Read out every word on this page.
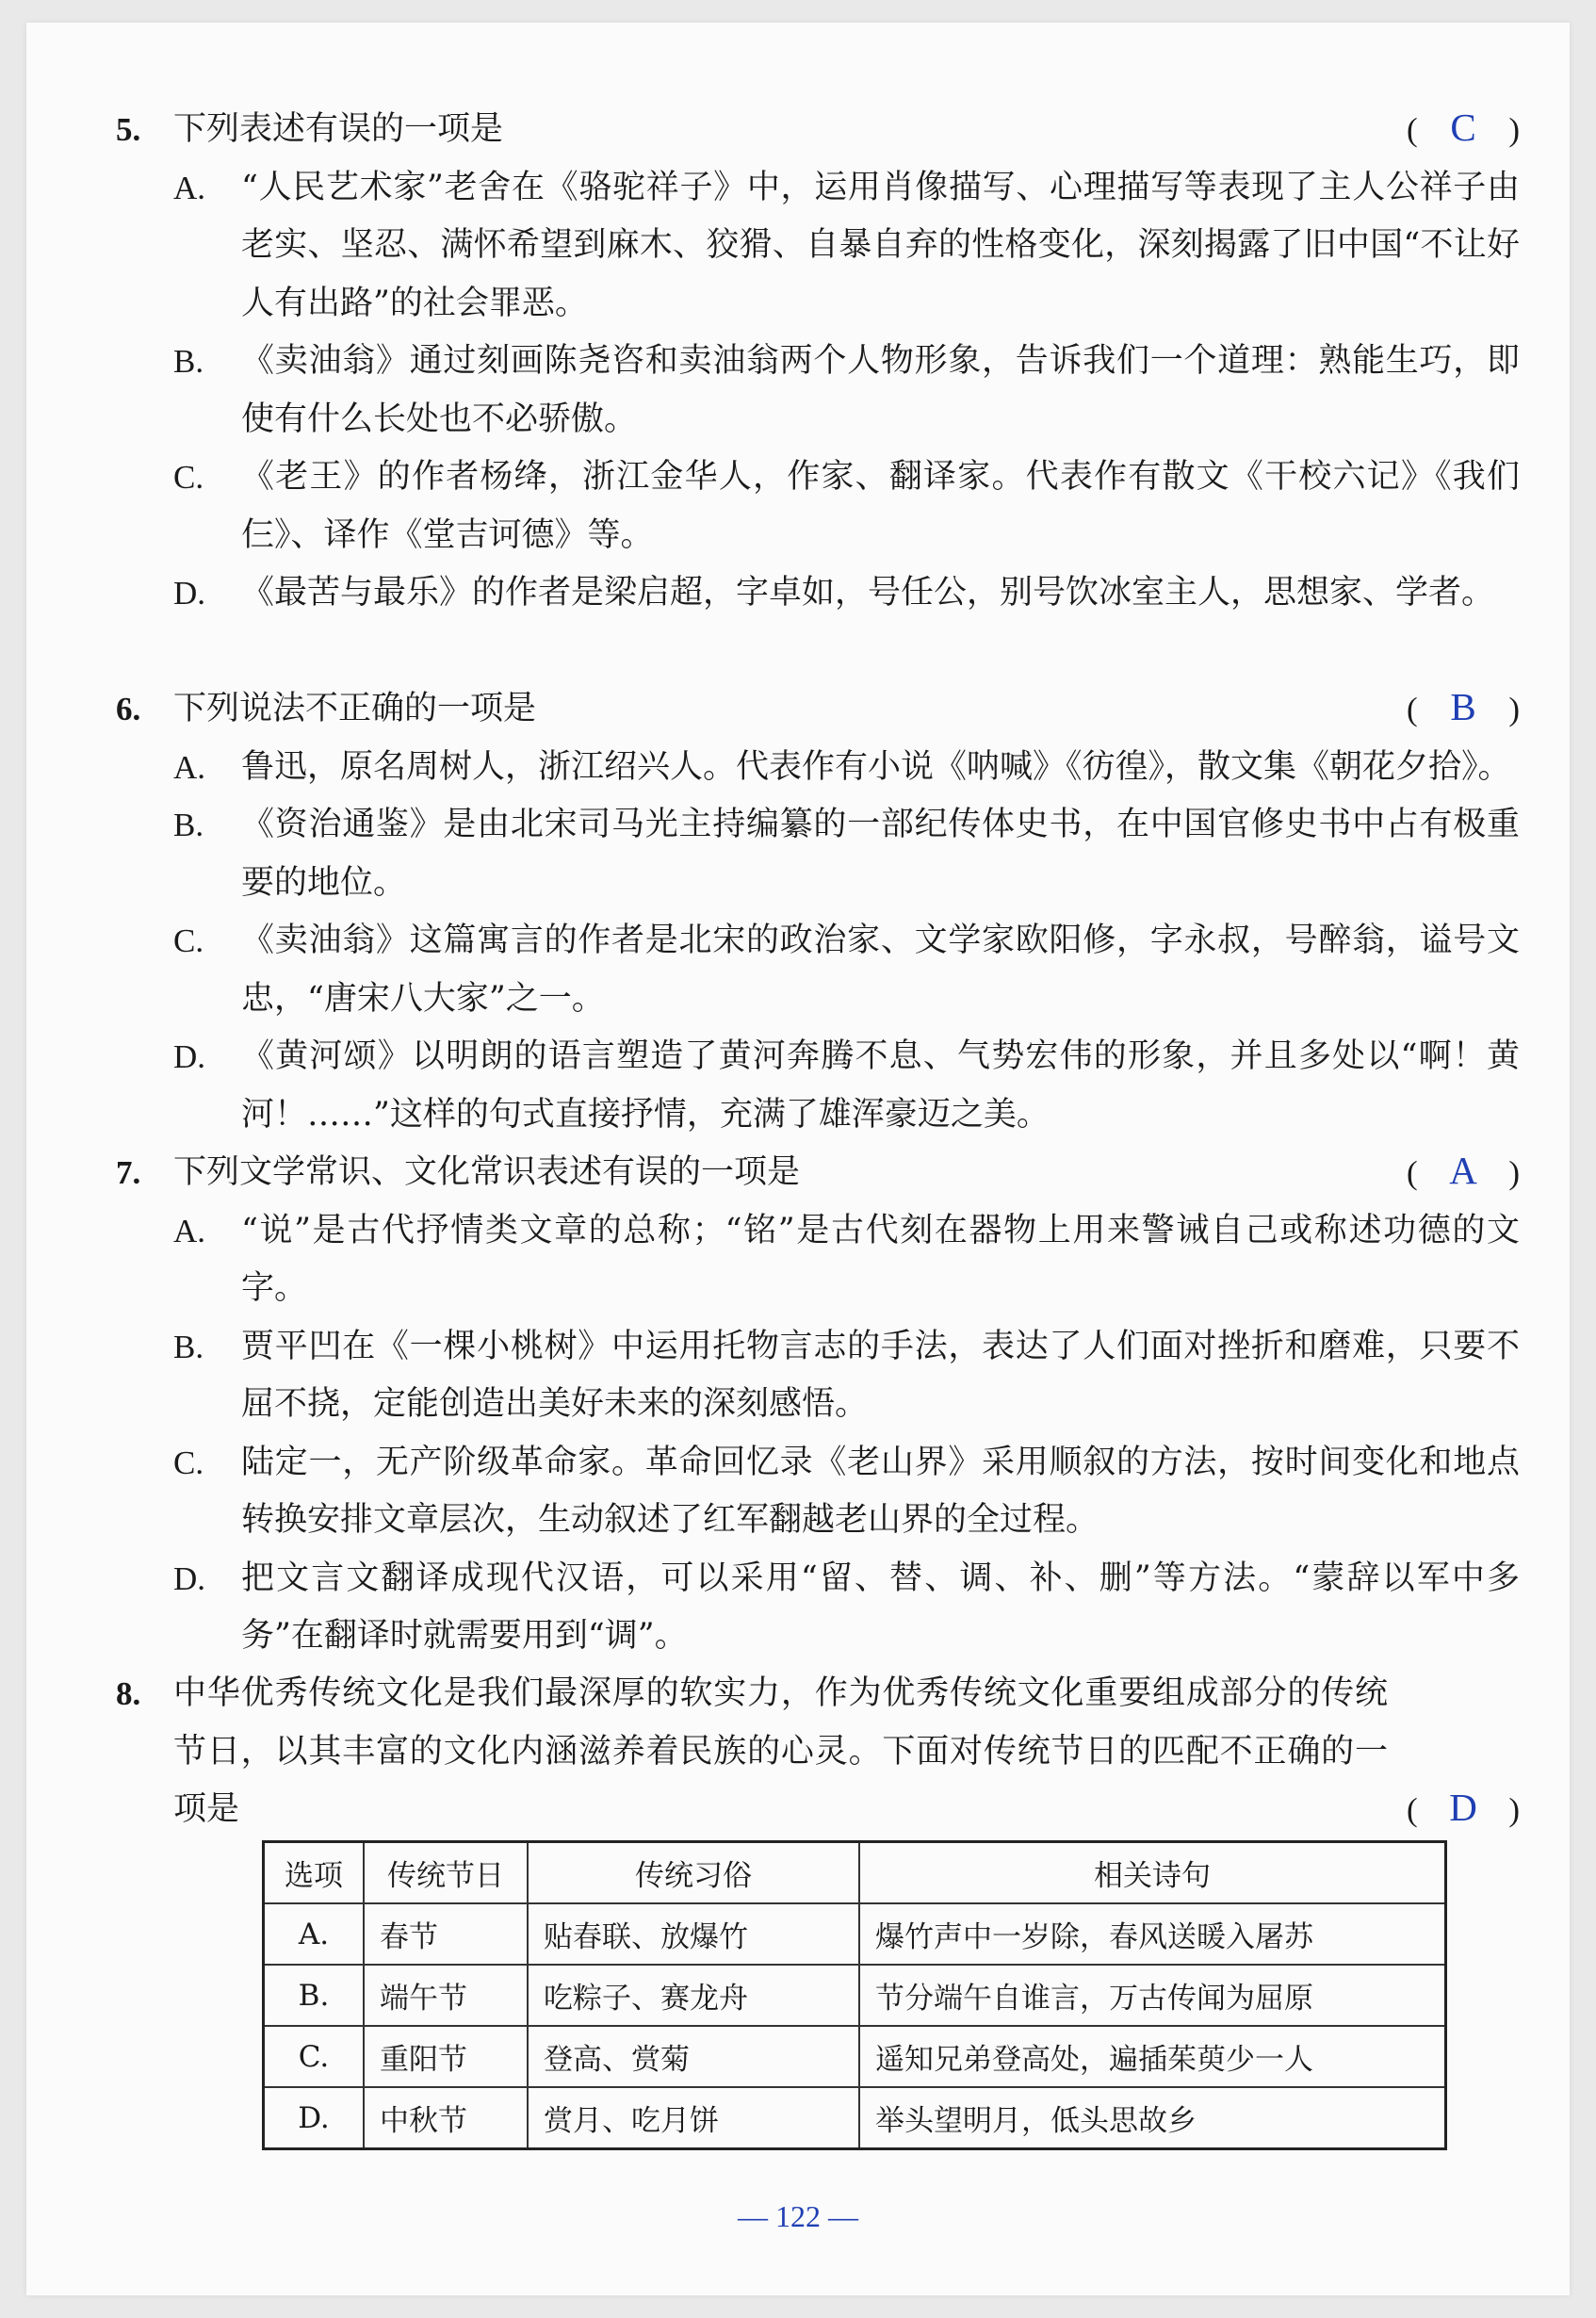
5. 下列表述有误的一项是	( C )
A. “人民艺术家”老舍在《骆驼祥子》中，运用肖像描写、心理描写等表现了主人公祥子由老实、坚忍、满怀希望到麻木、狡猾、自暴自弃的性格变化，深刻揭露了旧中国“不让好人有出路”的社会罪恶。
B. 《卖油翁》通过刻画陈尧咨和卖油翁两个人物形象，告诉我们一个道理：熟能生巧，即使有什么长处也不必骄傲。
C. 《老王》的作者杨绛，浙江金华人，作家、翻译家。代表作有散文《干校六记》《我们仨》、译作《堂吉诃德》等。
D. 《最苦与最乐》的作者是梁启超，字卓如，号任公，别号饮冰室主人，思想家、学者。
6. 下列说法不正确的一项是	( B )
A. 鲁迅，原名周树人，浙江绍兴人。代表作有小说《呐喊》《彷徨》，散文集《朝花夕拾》。
B. 《资治通鉴》是由北宋司马光主持编纂的一部纪传体史书，在中国官修史书中占有极重要的地位。
C. 《卖油翁》这篇寓言的作者是北宋的政治家、文学家欧阳修，字永叔，号醉翁，谥号文忠，“唐宋八大家”之一。
D. 《黄河颂》以明朗的语言塑造了黄河奔腾不息、气势宏伟的形象，并且多处以“啊！黄河！……”这样的句式直接抒情，充满了雄浑豪迈之美。
7. 下列文学常识、文化常识表述有误的一项是	( A )
A. “说”是古代抒情类文章的总称；“铭”是古代刻在器物上用来警诫自己或称述功德的文字。
B. 贾平凹在《一棵小桃树》中运用托物言志的手法，表达了人们面对挫折和磨难，只要不屈不挠，定能创造出美好未来的深刻感悟。
C. 陆定一，无产阶级革命家。革命回忆录《老山界》采用顺叙的方法，按时间变化和地点转换安排文章层次，生动叙述了红军翻越老山界的全过程。
D. 把文言文翻译成现代汉语，可以采用“留、替、调、补、删”等方法。“蒙辞以军中多务”在翻译时就需要用到“调”。
8. 中华优秀传统文化是我们最深厚的软实力，作为优秀传统文化重要组成部分的传统节日，以其丰富的文化内涵滋养着民族的心灵。下面对传统节日的匹配不正确的一项是	( D )
选项	传统节日	传统习俗	相关诗句
A.	春节	贴春联、放爆竹	爆竹声中一岁除，春风送暖入屠苏
B.	端午节	吃粽子、赛龙舟	节分端午自谁言，万古传闻为屈原
C.	重阳节	登高、赏菊	遥知兄弟登高处，遍插茱萸少一人
D.	中秋节	赏月、吃月饼	举头望明月，低头思故乡
— 122 —
